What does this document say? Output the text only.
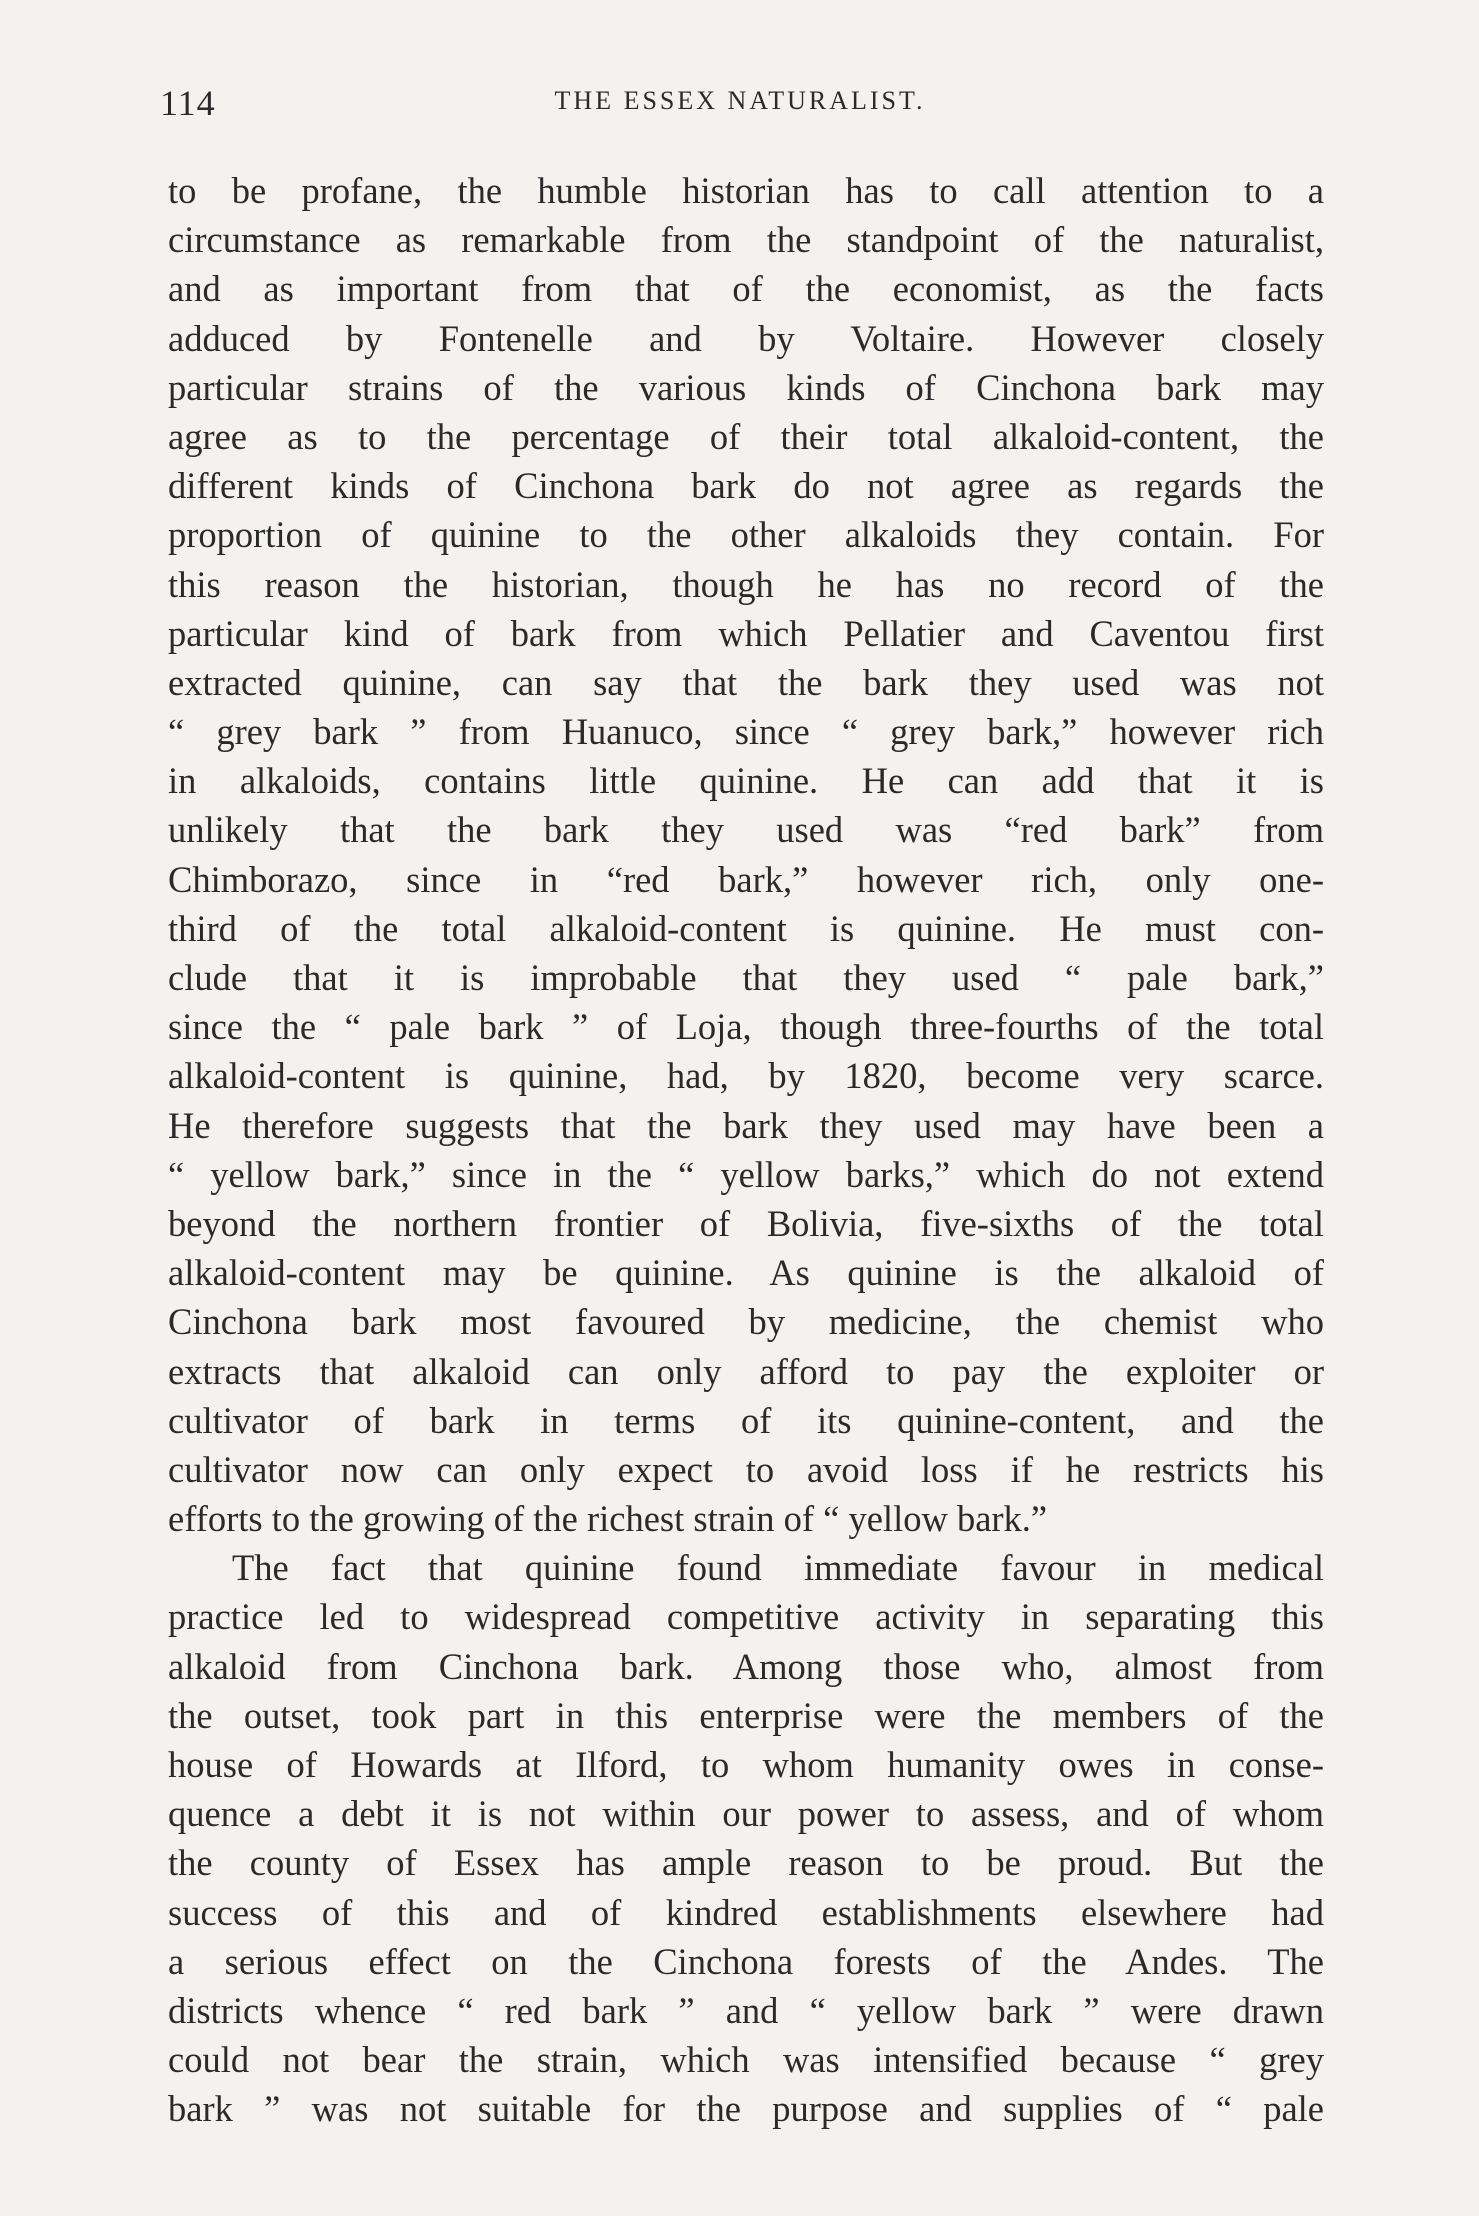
114	THE ESSEX NATURALIST.
to be profane, the humble historian has to call attention to a
circumstance as remarkable from the standpoint of the naturalist,
and as important from that of the economist, as the facts
adduced by Fontenelle and by Voltaire. However closely
particular strains of the various kinds of Cinchona bark may
agree as to the percentage of their total alkaloid-content, the
different kinds of Cinchona bark do not agree as regards the
proportion of quinine to the other alkaloids they contain. For
this reason the historian, though he has no record of the
particular kind of bark from which Pellatier and Caventou first
extracted quinine, can say that the bark they used was not
“ grey bark ” from Huanuco, since “ grey bark,” however rich
in alkaloids, contains little quinine. He can add that it is
unlikely that the bark they used was “red bark” from
Chimborazo, since in “red bark,” however rich, only one-
third of the total alkaloid-content is quinine. He must con-
clude that it is improbable that they used “ pale bark,”
since the “ pale bark ” of Loja, though three-fourths of the total
alkaloid-content is quinine, had, by 1820, become very scarce.
He therefore suggests that the bark they used may have been a
“ yellow bark,” since in the “ yellow barks,” which do not extend
beyond the northern frontier of Bolivia, five-sixths of the total
alkaloid-content may be quinine. As quinine is the alkaloid of
Cinchona bark most favoured by medicine, the chemist who
extracts that alkaloid can only afford to pay the exploiter or
cultivator of bark in terms of its quinine-content, and the
cultivator now can only expect to avoid loss if he restricts his
efforts to the growing of the richest strain of “ yellow bark.”
The fact that quinine found immediate favour in medical
practice led to widespread competitive activity in separating this
alkaloid from Cinchona bark. Among those who, almost from
the outset, took part in this enterprise were the members of the
house of Howards at Ilford, to whom humanity owes in conse-
quence a debt it is not within our power to assess, and of whom
the county of Essex has ample reason to be proud. But the
success of this and of kindred establishments elsewhere had
a serious effect on the Cinchona forests of the Andes. The
districts whence “ red bark ” and “ yellow bark ” were drawn
could not bear the strain, which was intensified because “ grey
bark ” was not suitable for the purpose and supplies of “ pale
